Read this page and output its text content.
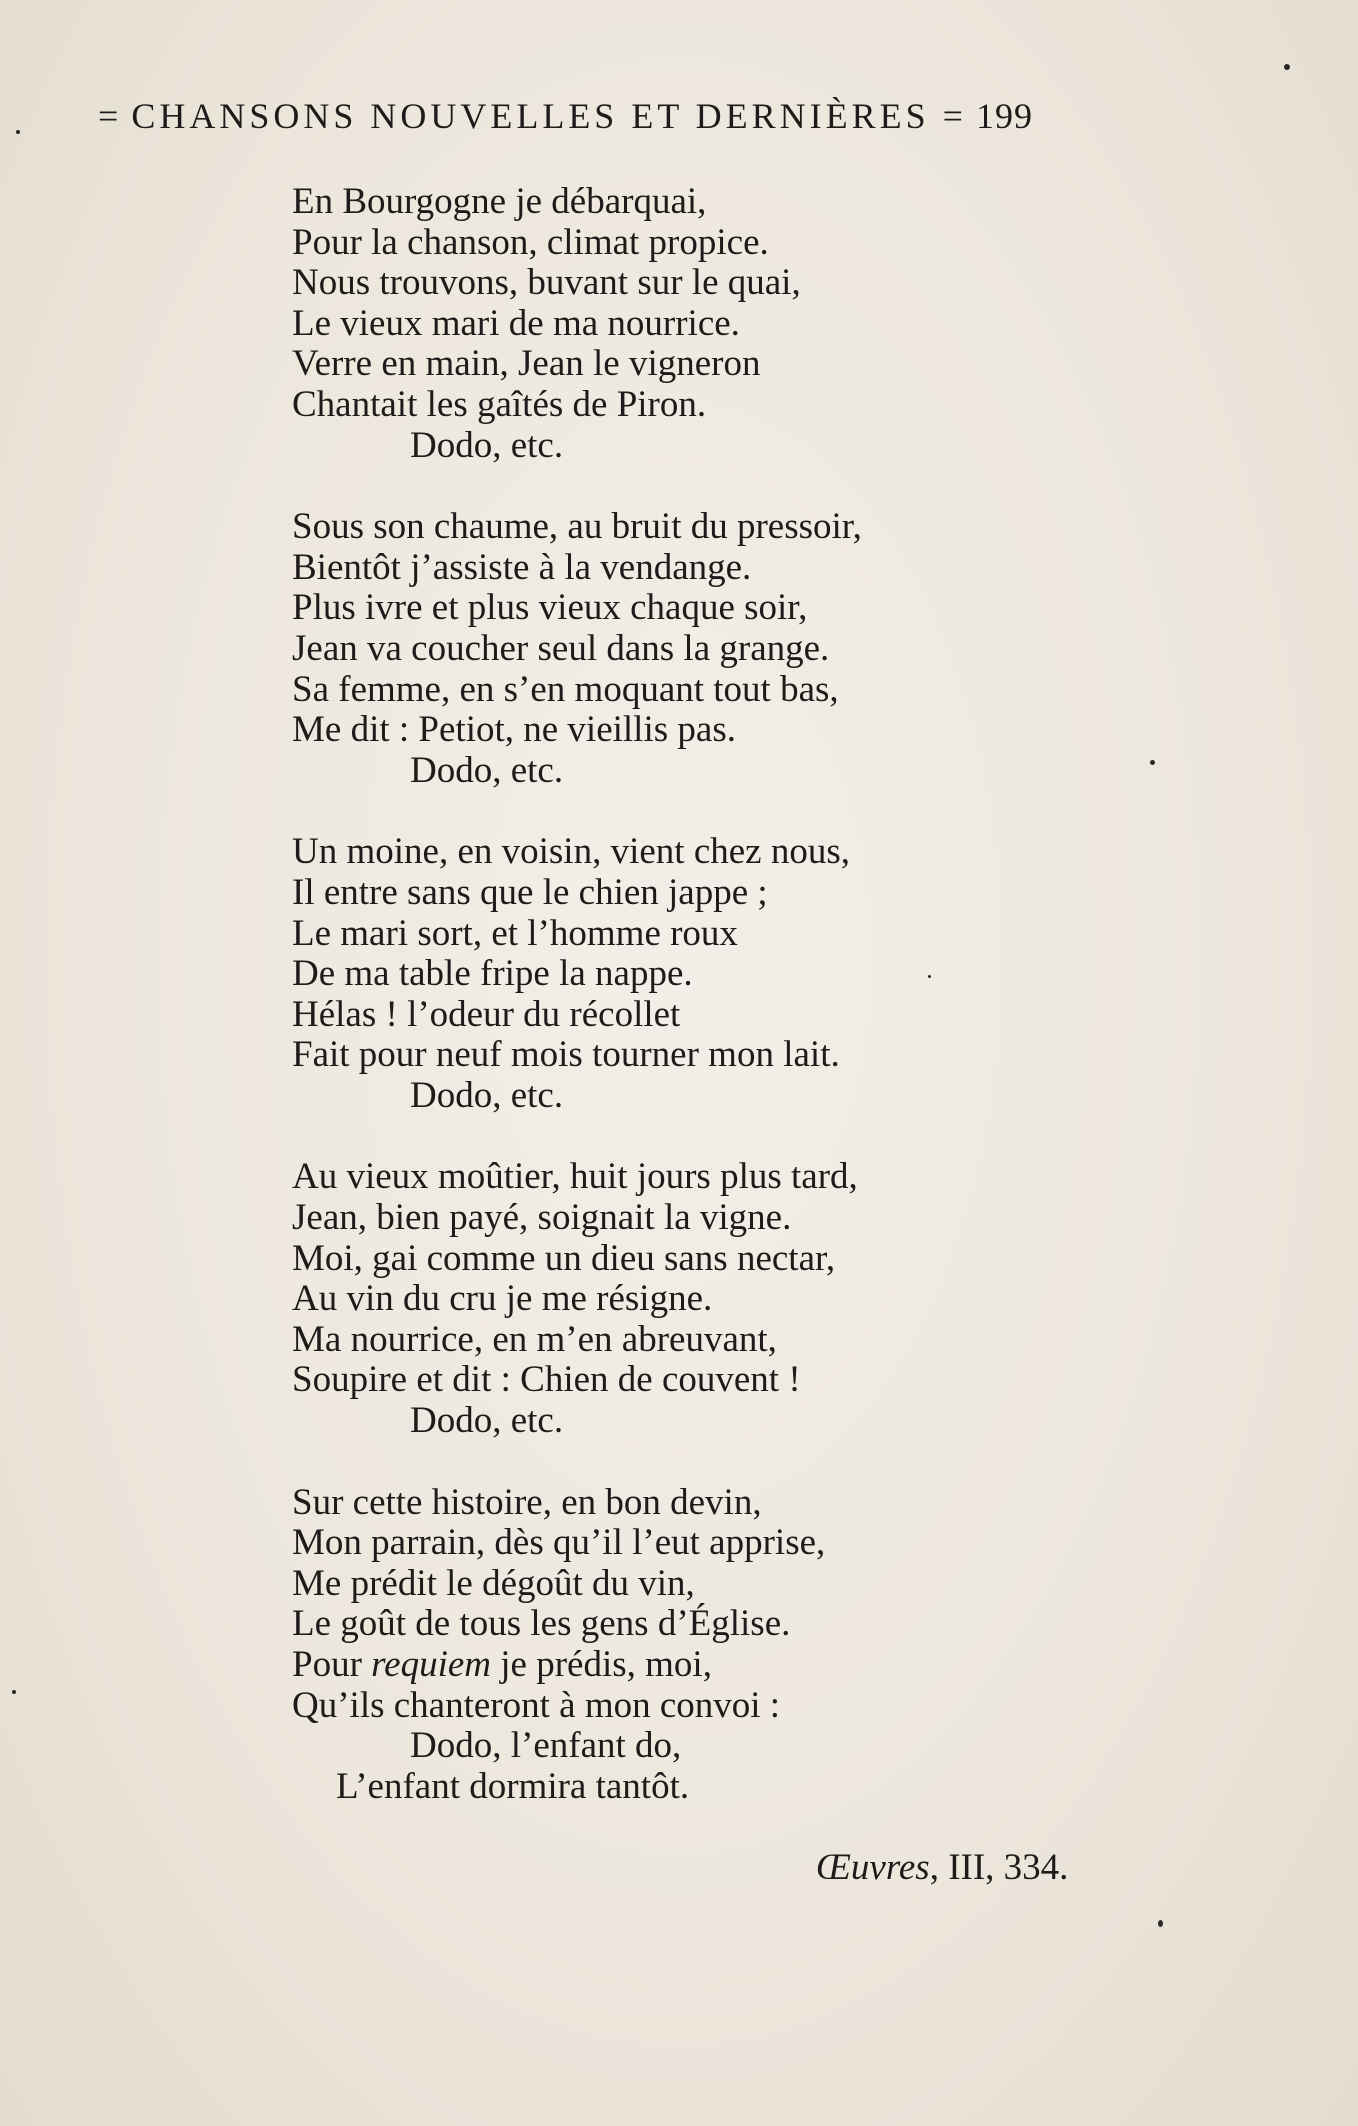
= CHANSONS NOUVELLES ET DERNIÈRES = 199
En Bourgogne je débarquai,
Pour la chanson, climat propice.
Nous trouvons, buvant sur le quai,
Le vieux mari de ma nourrice.
Verre en main, Jean le vigneron
Chantait les gaîtés de Piron.
Dodo, etc.
Sous son chaume, au bruit du pressoir,
Bientôt j’assiste à la vendange.
Plus ivre et plus vieux chaque soir,
Jean va coucher seul dans la grange.
Sa femme, en s’en moquant tout bas,
Me dit : Petiot, ne vieillis pas.
Dodo, etc.
Un moine, en voisin, vient chez nous,
Il entre sans que le chien jappe ;
Le mari sort, et l’homme roux
De ma table fripe la nappe.
Hélas ! l’odeur du récollet
Fait pour neuf mois tourner mon lait.
Dodo, etc.
Au vieux moûtier, huit jours plus tard,
Jean, bien payé, soignait la vigne.
Moi, gai comme un dieu sans nectar,
Au vin du cru je me résigne.
Ma nourrice, en m’en abreuvant,
Soupire et dit : Chien de couvent !
Dodo, etc.
Sur cette histoire, en bon devin,
Mon parrain, dès qu’il l’eut apprise,
Me prédit le dégoût du vin,
Le goût de tous les gens d’Église.
Pour requiem je prédis, moi,
Qu’ils chanteront à mon convoi :
Dodo, l’enfant do,
L’enfant dormira tantôt.
Œuvres, III, 334.
